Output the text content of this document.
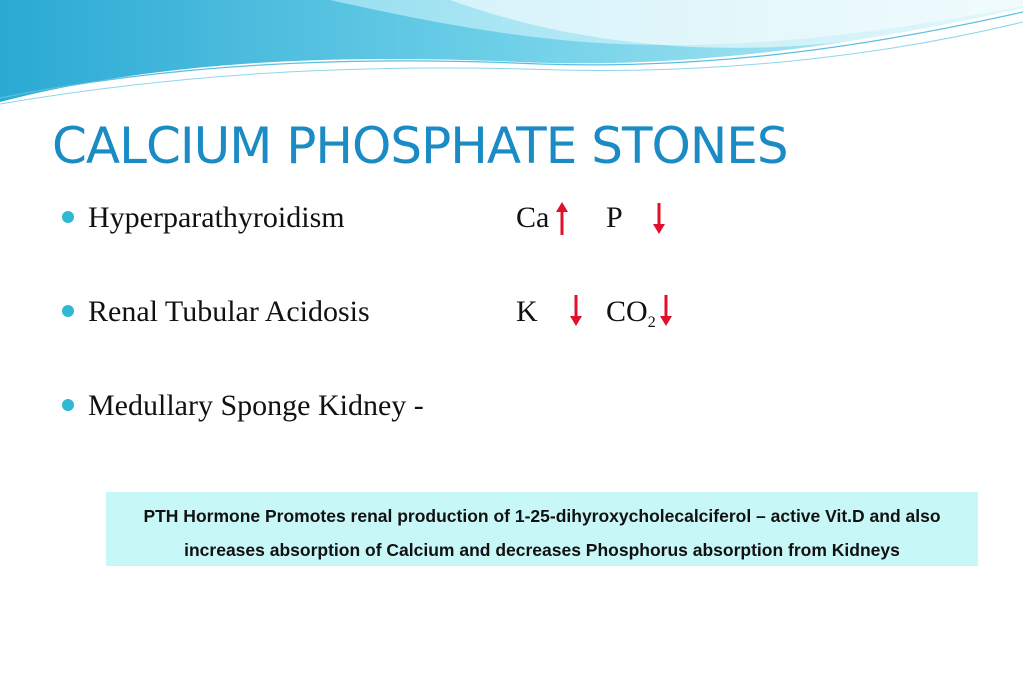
CALCIUM PHOSPHATE STONES
Hyperparathyroidism	Ca P
Renal Tubular Acidosis	K $CO_2$
Medullary Sponge Kidney -
PTH Hormone Promotes renal production of 1-25-dihyroxycholecalciferol – active Vit.D and also
increases absorption of Calcium and decreases Phosphorus absorption from Kidneys
